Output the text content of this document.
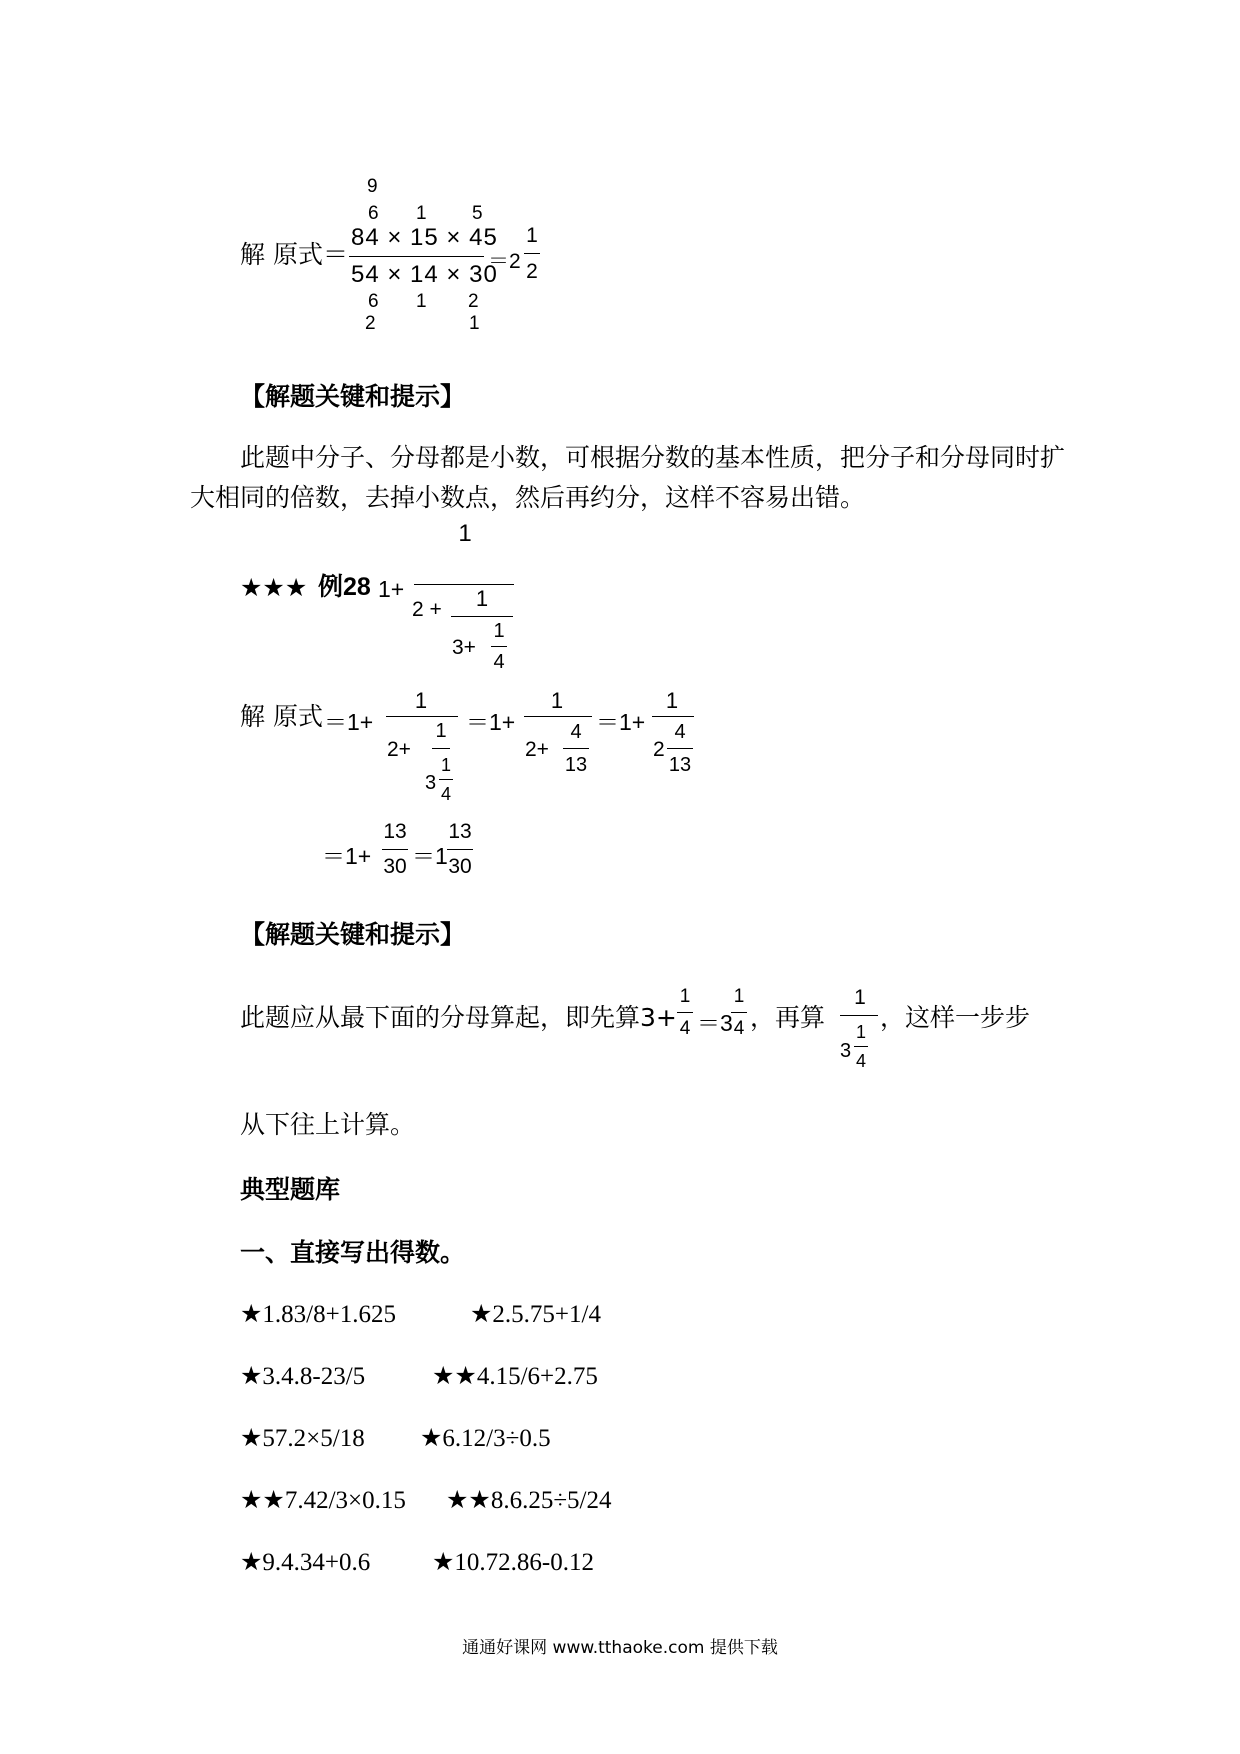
解 原式＝
9
6 1 5
84 × 15 × 45
54 × 14 × 30
6 1 2
2	1
＝2
1
2
【解题关键和提示】
此题中分子、分母都是小数，可根据分数的基本性质，把分子和分母同时扩大相同的倍数，去掉小数点，然后再约分，这样不容易出错。
★★★ 例28 1+
1
2 +	1
3+
1
4
解 原式 ＝1+
1
2+
1
3
1
4
＝1+
1
2+
4
13
＝1+
1
2
4
13
＝1+
13
30 ＝1
13
30
【解题关键和提示】
此题应从最下面的分母算起，即先算3+
1
4 ＝3
1
4 ，再算
1
3
1
4
，这样一步步
从下往上计算。
典型题库
一、直接写出得数。
★1.83/8+1.625	★2.5.75+1/4
★3.4.8-23/5	★★4.15/6+2.75
★57.2×5/18 ★6.12/3÷0.5
★★7.42/3×0.15 ★★8.6.25÷5/24
★9.4.34+0.6 ★10.72.86-0.12
通通好课网 www.tthaoke.com 提供下载
